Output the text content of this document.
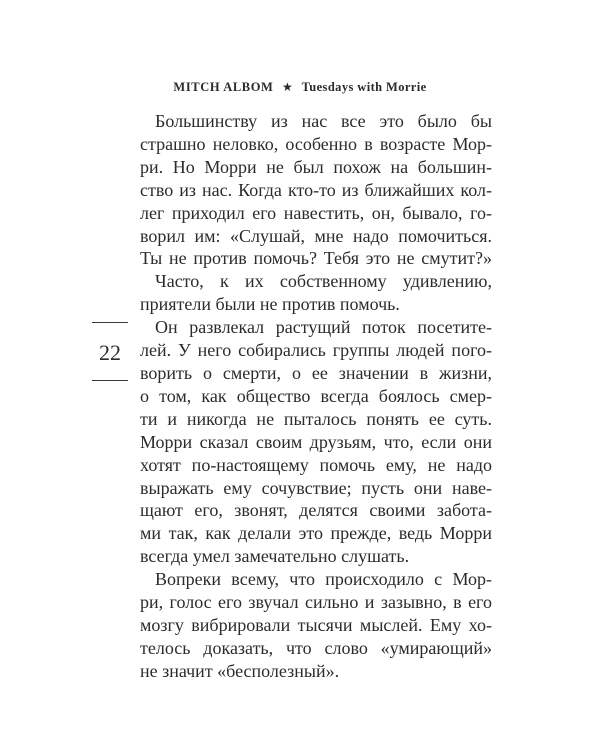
MITCH ALBOM ★ Tuesdays with Morrie
22

Большинству из нас все это было бы
страшно неловко, особенно в возрасте Мор-
ри. Но Морри не был похож на большин-
ство из нас. Когда кто-то из ближайших кол-
лег приходил его навестить, он, бывало, го-
ворил им: «Слушай, мне надо помочиться.
Ты не против помочь? Тебя это не смутит?»

Часто, к их собственному удивлению,
приятели были не против помочь.

Он развлекал растущий поток посетите-
лей. У него собирались группы людей пого-
ворить о смерти, о ее значении в жизни,
о том, как общество всегда боялось смер-
ти и никогда не пыталось понять ее суть.
Морри сказал своим друзьям, что, если они
хотят по-настоящему помочь ему, не надо
выражать ему сочувствие; пусть они наве-
щают его, звонят, делятся своими забота-
ми так, как делали это прежде, ведь Морри
всегда умел замечательно слушать.

Вопреки всему, что происходило с Мор-
ри, голос его звучал сильно и зазывно, в его
мозгу вибрировали тысячи мыслей. Ему хо-
телось доказать, что слово «умирающий»
не значит «бесполезный».
